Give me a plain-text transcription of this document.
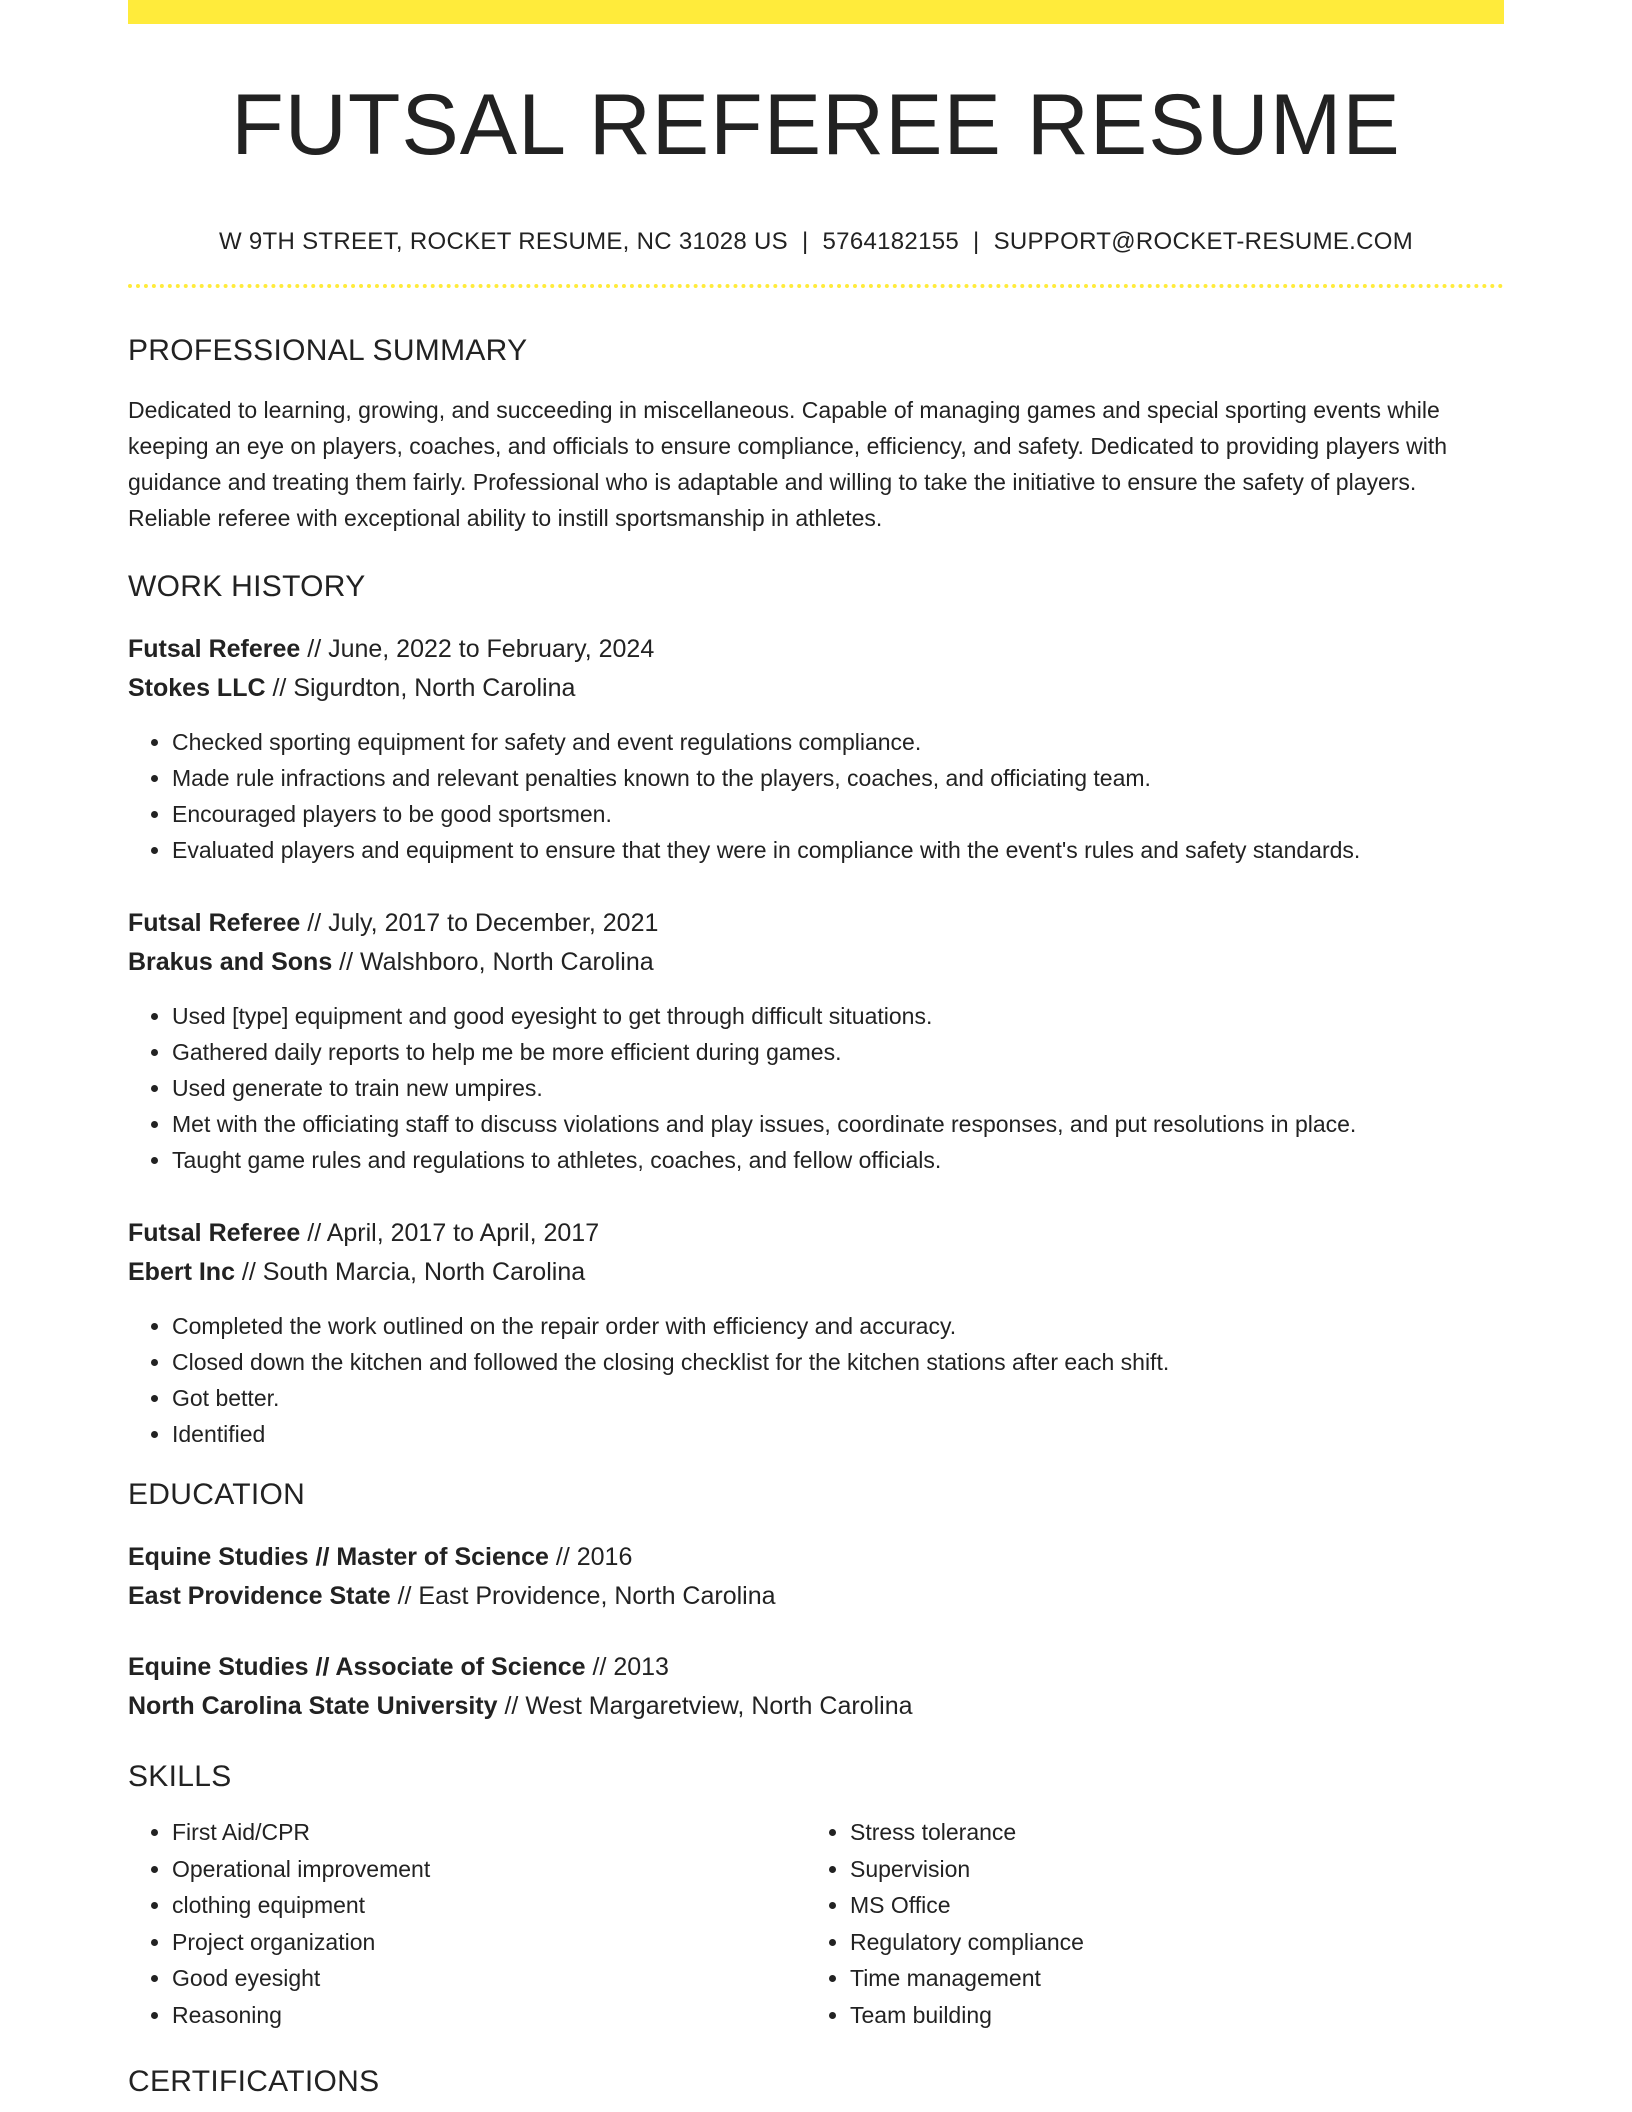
FUTSAL REFEREE RESUME
W 9TH STREET, ROCKET RESUME, NC 31028 US | 5764182155 | SUPPORT@ROCKET-RESUME.COM
PROFESSIONAL SUMMARY
Dedicated to learning, growing, and succeeding in miscellaneous. Capable of managing games and special sporting events while keeping an eye on players, coaches, and officials to ensure compliance, efficiency, and safety. Dedicated to providing players with guidance and treating them fairly. Professional who is adaptable and willing to take the initiative to ensure the safety of players. Reliable referee with exceptional ability to instill sportsmanship in athletes.
WORK HISTORY
Futsal Referee // June, 2022 to February, 2024
Stokes LLC // Sigurdton, North Carolina
• Checked sporting equipment for safety and event regulations compliance.
• Made rule infractions and relevant penalties known to the players, coaches, and officiating team.
• Encouraged players to be good sportsmen.
• Evaluated players and equipment to ensure that they were in compliance with the event's rules and safety standards.
Futsal Referee // July, 2017 to December, 2021
Brakus and Sons // Walshboro, North Carolina
• Used [type] equipment and good eyesight to get through difficult situations.
• Gathered daily reports to help me be more efficient during games.
• Used generate to train new umpires.
• Met with the officiating staff to discuss violations and play issues, coordinate responses, and put resolutions in place.
• Taught game rules and regulations to athletes, coaches, and fellow officials.
Futsal Referee // April, 2017 to April, 2017
Ebert Inc // South Marcia, North Carolina
• Completed the work outlined on the repair order with efficiency and accuracy.
• Closed down the kitchen and followed the closing checklist for the kitchen stations after each shift.
• Got better.
• Identified
EDUCATION
Equine Studies // Master of Science // 2016
East Providence State // East Providence, North Carolina
Equine Studies // Associate of Science // 2013
North Carolina State University // West Margaretview, North Carolina
SKILLS
• First Aid/CPR
• Operational improvement
• clothing equipment
• Project organization
• Good eyesight
• Reasoning
• Stress tolerance
• Supervision
• MS Office
• Regulatory compliance
• Time management
• Team building
CERTIFICATIONS
